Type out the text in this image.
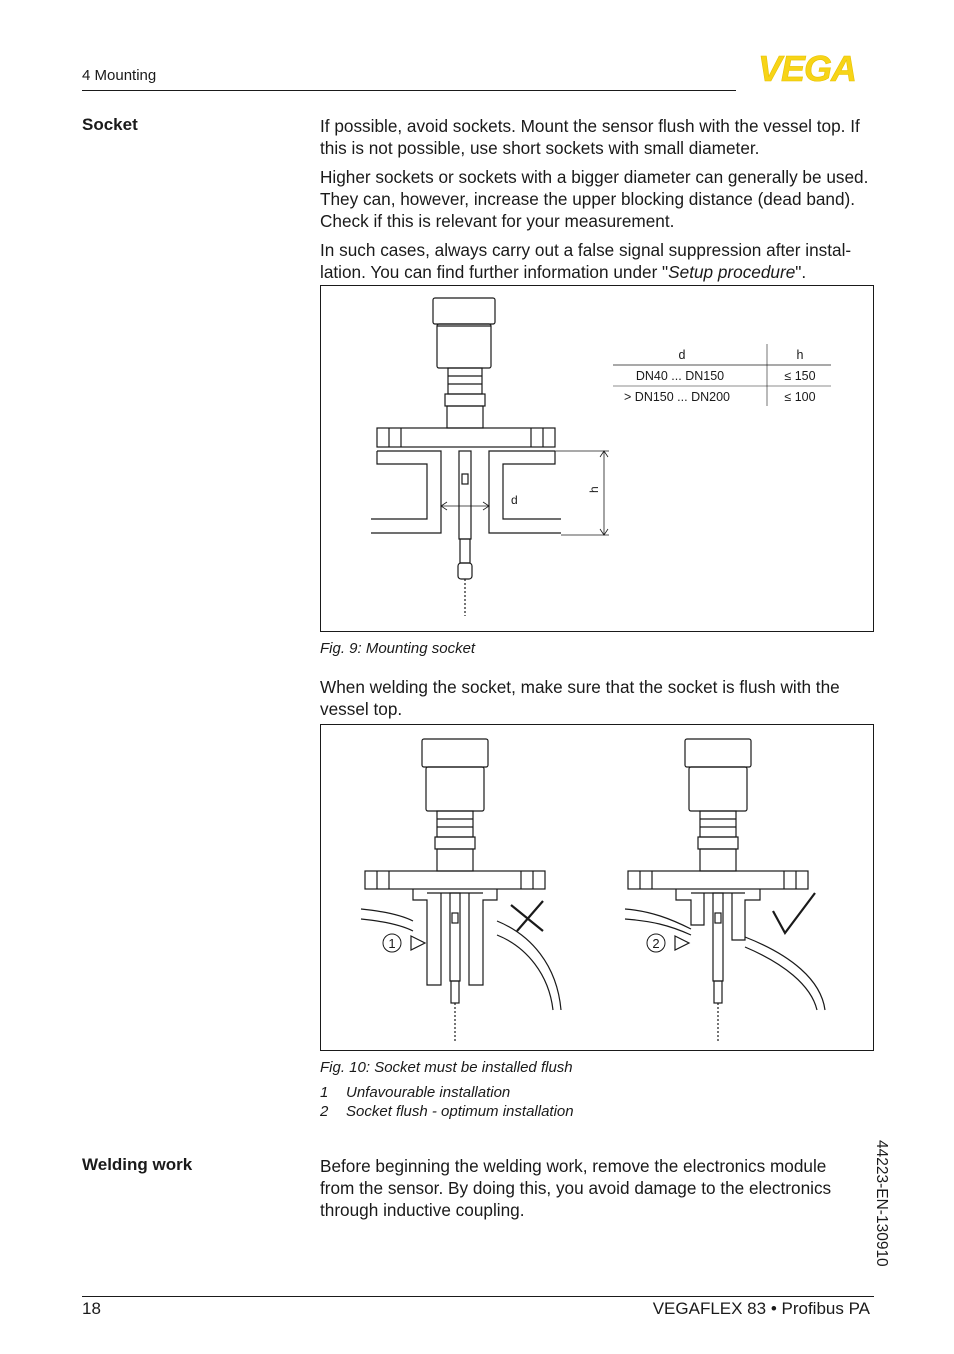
4 Mounting	VEGA
Socket	If possible, avoid sockets. Mount the sensor flush with the vessel top. If this is not possible, use short sockets with small diameter.

Higher sockets or sockets with a bigger diameter can generally be used. They can, however, increase the upper blocking distance (dead band). Check if this is relevant for your measurement.

In such cases, always carry out a false signal suppression after instal-lation. You can find further information under "Setup procedure".

d
h
d	h
DN40 ... DN150	≤ 150
> DN150 ... DN200	≤ 100
Fig. 9: Mounting socket
When welding the socket, make sure that the socket is flush with the vessel top.
1	2
Fig. 10: Socket must be installed flush
1 Unfavourable installation
2 Socket flush - optimum installation
Welding work	Before beginning the welding work, remove the electronics module from the sensor. By doing this, you avoid damage to the electronics through inductive coupling.	44223-EN-130910
18	VEGAFLEX 83 • Profibus PA
